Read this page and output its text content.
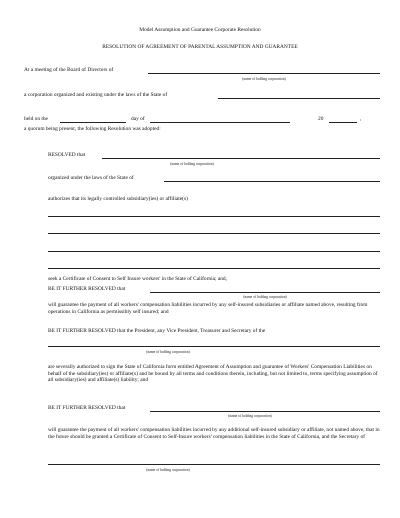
Model Assumption and Guarantee Corporate Resolution
RESOLUTION OF AGREEMENT OF PARENTAL ASSUMPTION AND GUARANTEE
At a meeting of the Board of Directors of
(name of holding corporation)
a corporation organized and existing under the laws of the State of
held on the	day of	20	,
a quorum being present, the following Resolution was adopted:
RESOLVED that
(name of holding corporation)
organized under the laws of the State of
authorizes that its legally controlled subsidiary(ies) or affiliate(s)
seek a Certificate of Consent to Self Insure workers' in the State of California; and,
BE IT FURTHER RESOLVED that
(name of holding corporation)
will guarantee the payment of all workers' compensation liabilities incurred by any self-insured subsidiaries or affiliate named above, resulting from operations in California as permissibly self insured; and
BE IT FURTHER RESOLVED that the President, any Vice President, Treasurer and Secretary of the
(name of holding corporation)
are severally authorized to sign the State of California form entitled Agreement of Assumption and guarantee of Workers' Compensation Liabilities on behalf of the subsidiary(ies) or affiliate(s) and be bound by all terms and conditions therein, including, but not limited to, terms specifying assumption of all subsidiary(ies) and affiliate(s) liability; and
BE IT FURTHER RESOLVED that
(name of holding corporation)
will guarantee the payment of all workers' compensation liabilities incurred by any additional self-insured subsidiary or affiliate, not named above, that in the future should be granted a Certificate of Consent to Self-Insure workers' compensation liabilities in the State of California, and the Secretary of
(name of holding corporation)
